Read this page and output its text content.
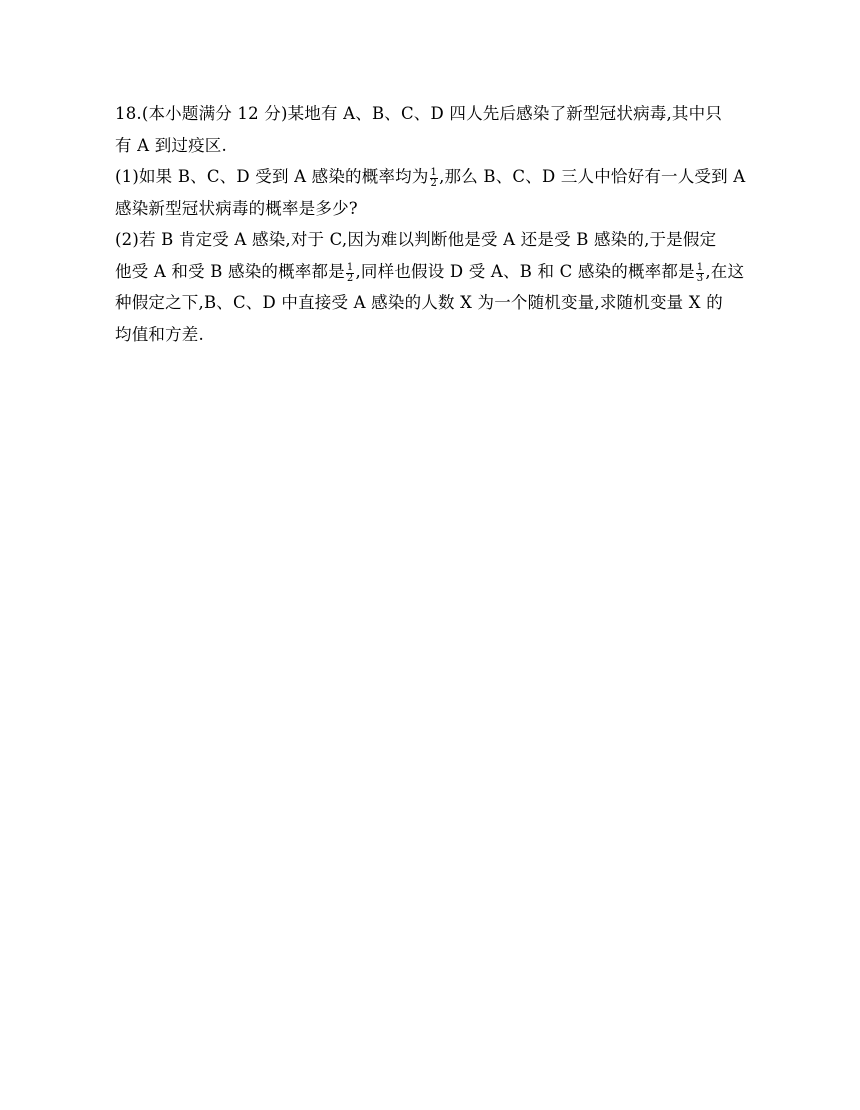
18.(本小题满分 12 分)某地有 A、B、C、D 四人先后感染了新型冠状病毒,其中只
有 A 到过疫区.
(1)如果 B、C、D 受到 A 感染的概率均为 $\frac{1}{2}$ ,那么 B、C、D 三人中恰好有一人受到 A
感染新型冠状病毒的概率是多少?
(2)若 B 肯定受 A 感染,对于 C,因为难以判断他是受 A 还是受 B 感染的,于是假定
他受 A 和受 B 感染的概率都是 $\frac{1}{2}$ ,同样也假设 D 受 A、B 和 C 感染的概率都是 $\frac{1}{3}$ ,在这
种假定之下,B、C、D 中直接受 A 感染的人数 X 为一个随机变量,求随机变量 X 的
均值和方差.
